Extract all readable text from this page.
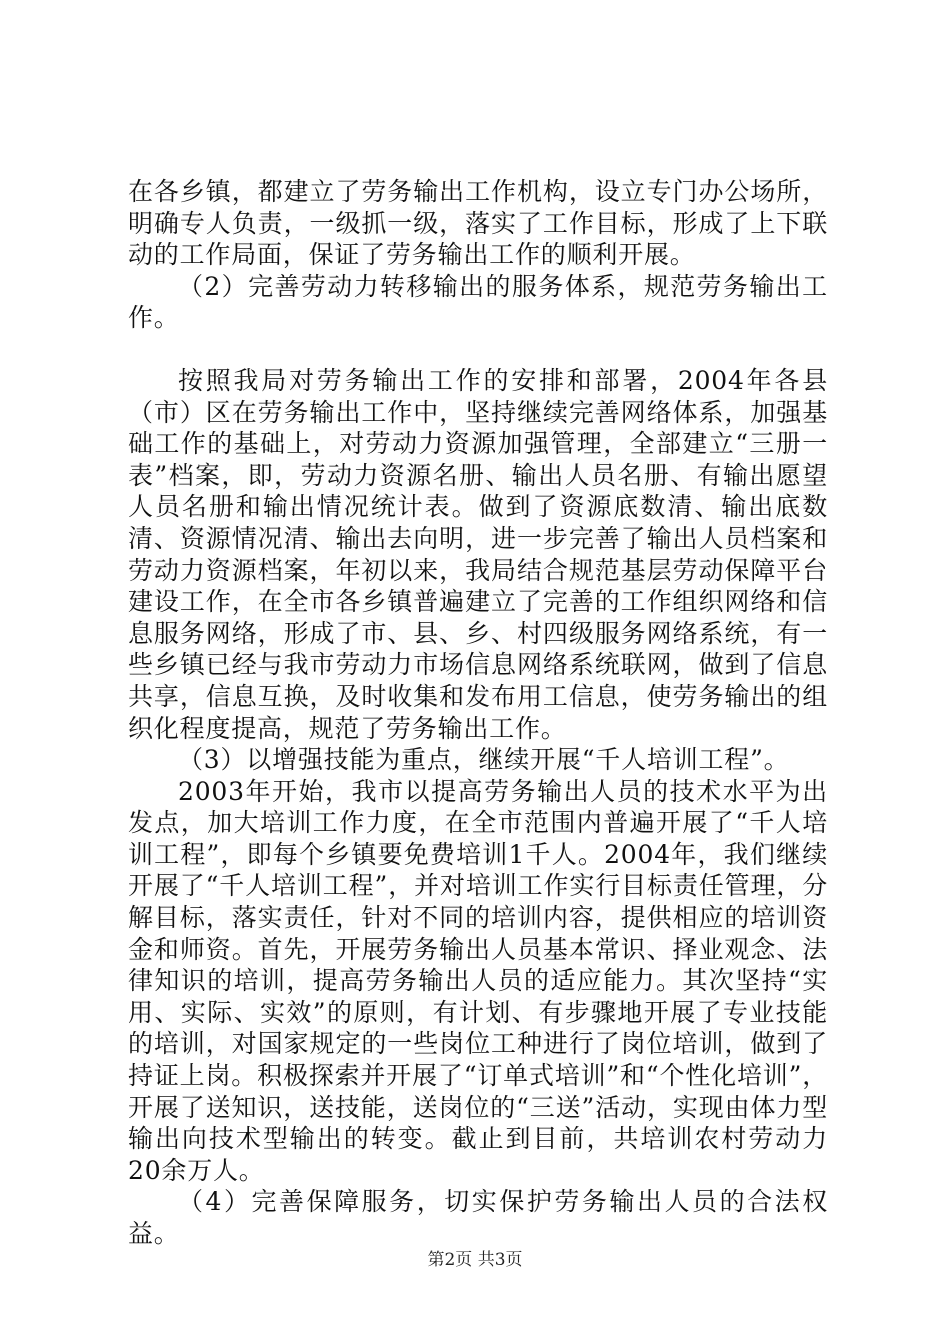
在各乡镇，都建立了劳务输出工作机构，设立专门办公场所，明确专人负责，一级抓一级，落实了工作目标，形成了上下联动的工作局面，保证了劳务输出工作的顺利开展。

（2）完善劳动力转移输出的服务体系，规范劳务输出工作。

按照我局对劳务输出工作的安排和部署，2004年各县（市）区在劳务输出工作中，坚持继续完善网络体系，加强基础工作的基础上，对劳动力资源加强管理，全部建立“三册一表”档案，即，劳动力资源名册、输出人员名册、有输出愿望人员名册和输出情况统计表。做到了资源底数清、输出底数清、资源情况清、输出去向明，进一步完善了输出人员档案和劳动力资源档案，年初以来，我局结合规范基层劳动保障平台建设工作，在全市各乡镇普遍建立了完善的工作组织网络和信息服务网络，形成了市、县、乡、村四级服务网络系统，有一些乡镇已经与我市劳动力市场信息网络系统联网，做到了信息共享，信息互换，及时收集和发布用工信息，使劳务输出的组织化程度提高，规范了劳务输出工作。

（3）以增强技能为重点，继续开展“千人培训工程”。

2003年开始，我市以提高劳务输出人员的技术水平为出发点，加大培训工作力度，在全市范围内普遍开展了“千人培训工程”，即每个乡镇要免费培训1千人。2004年，我们继续开展了“千人培训工程”，并对培训工作实行目标责任管理，分解目标，落实责任，针对不同的培训内容，提供相应的培训资金和师资。首先，开展劳务输出人员基本常识、择业观念、法律知识的培训，提高劳务输出人员的适应能力。其次坚持“实用、实际、实效”的原则，有计划、有步骤地开展了专业技能的培训，对国家规定的一些岗位工种进行了岗位培训，做到了持证上岗。积极探索并开展了“订单式培训”和“个性化培训”，开展了送知识，送技能，送岗位的“三送”活动，实现由体力型输出向技术型输出的转变。截止到目前，共培训农村劳动力20余万人。

（4）完善保障服务，切实保护劳务输出人员的合法权益。

第2页 共3页
